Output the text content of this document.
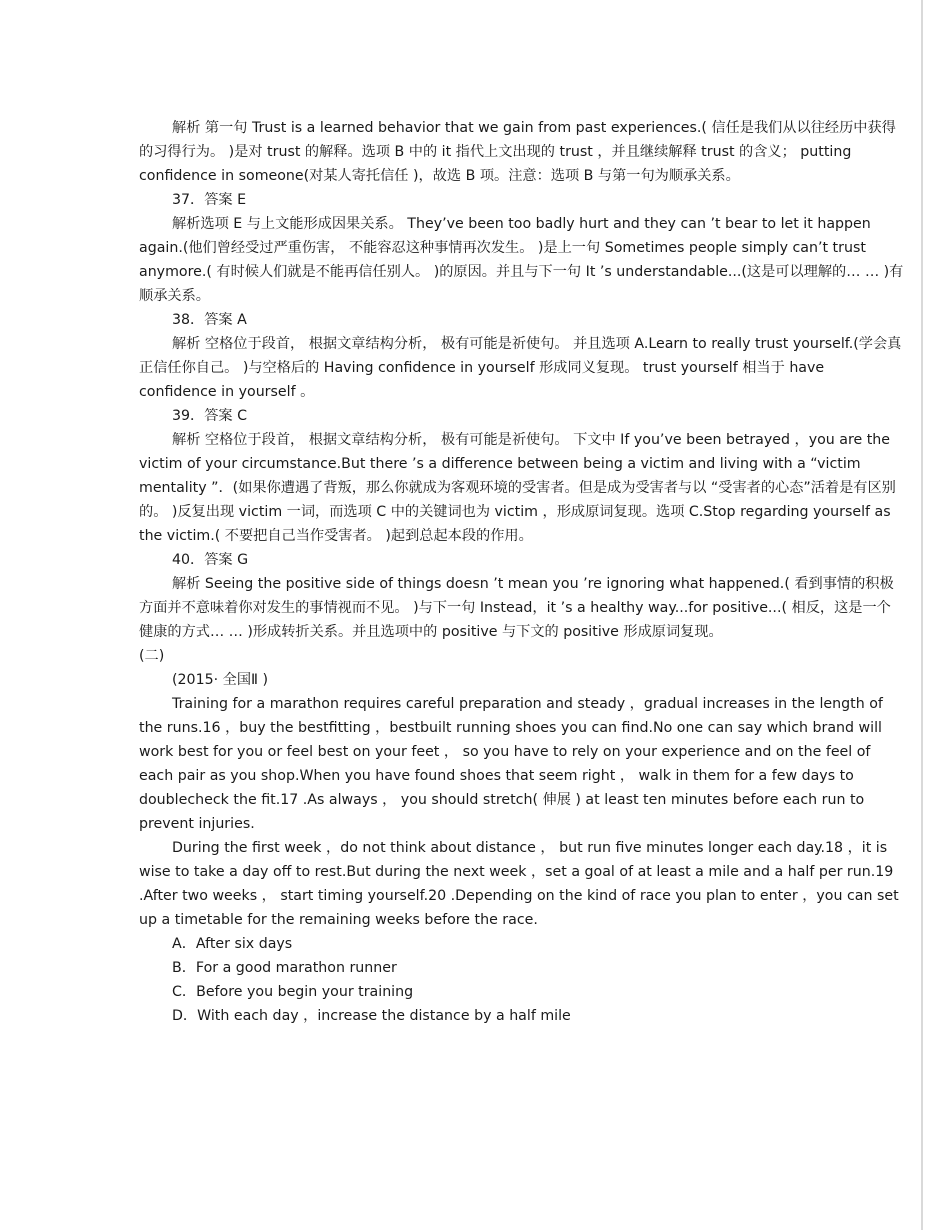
解析 第一句 Trust is a learned behavior that we gain from past experiences.( 信任是我们从以往经历中获得的习得行为。 )是对 trust 的解释。选项 B 中的 it 指代上文出现的 trust ，并且继续解释 trust 的含义； putting confidence in someone(对某人寄托信任 )，故选 B 项。注意：选项 B 与第一句为顺承关系。

37．答案 E

解析选项 E 与上文能形成因果关系。 They’ve been too badly hurt and they can ’t bear to let it happen again.(他们曾经受过严重伤害， 不能容忍这种事情再次发生。 )是上一句 Sometimes people simply can’t trust anymore.( 有时候人们就是不能再信任别人。 )的原因。并且与下一句 It ’s understandable...(这是可以理解的… … )有顺承关系。

38．答案 A

解析 空格位于段首， 根据文章结构分析， 极有可能是祈使句。 并且选项 A.Learn to really trust yourself.(学会真正信任你自己。 )与空格后的 Having confidence in yourself 形成同义复现。 trust yourself 相当于 have confidence in yourself 。

39．答案 C

解析 空格位于段首， 根据文章结构分析， 极有可能是祈使句。 下文中 If you’ve been betrayed ，you are the victim of your circumstance.But there ’s a difference between being a victim and living with a “victim mentality ”．(如果你遭遇了背叛，那么你就成为客观环境的受害者。但是成为受害者与以 “受害者的心态”活着是有区别的。 )反复出现 victim 一词，而选项 C 中的关键词也为 victim ，形成原词复现。选项 C.Stop regarding yourself as the victim.( 不要把自己当作受害者。 )起到总起本段的作用。

40．答案 G

解析 Seeing the positive side of things doesn ’t mean you ’re ignoring what happened.( 看到事情的积极方面并不意味着你对发生的事情视而不见。 )与下一句 Instead，it ’s a healthy way...for positive...( 相反，这是一个健康的方式… … )形成转折关系。并且选项中的 positive 与下文的 positive 形成原词复现。

(二)

(2015· 全国Ⅱ )

Training for a marathon requires careful preparation and steady ，gradual increases in the length of the runs.16 ，buy the bestfitting ，bestbuilt running shoes you can find.No one can say which brand will work best for you or feel best on your feet ， so you have to rely on your experience and on the feel of each pair as you shop.When you have found shoes that seem right ， walk in them for a few days to doublecheck the fit.17 .As always ， you should stretch( 伸展 ) at least ten minutes before each run to prevent injuries.

During the first week ，do not think about distance ， but run five minutes longer each day.18 ，it is wise to take a day off to rest.But during the next week ，set a goal of at least a mile and a half per run.19 .After two weeks ， start timing yourself.20 .Depending on the kind of race you plan to enter ，you can set up a timetable for the remaining weeks before the race.

A．After six days

B．For a good marathon runner

C．Before you begin your training

D．With each day ，increase the distance by a half mile
